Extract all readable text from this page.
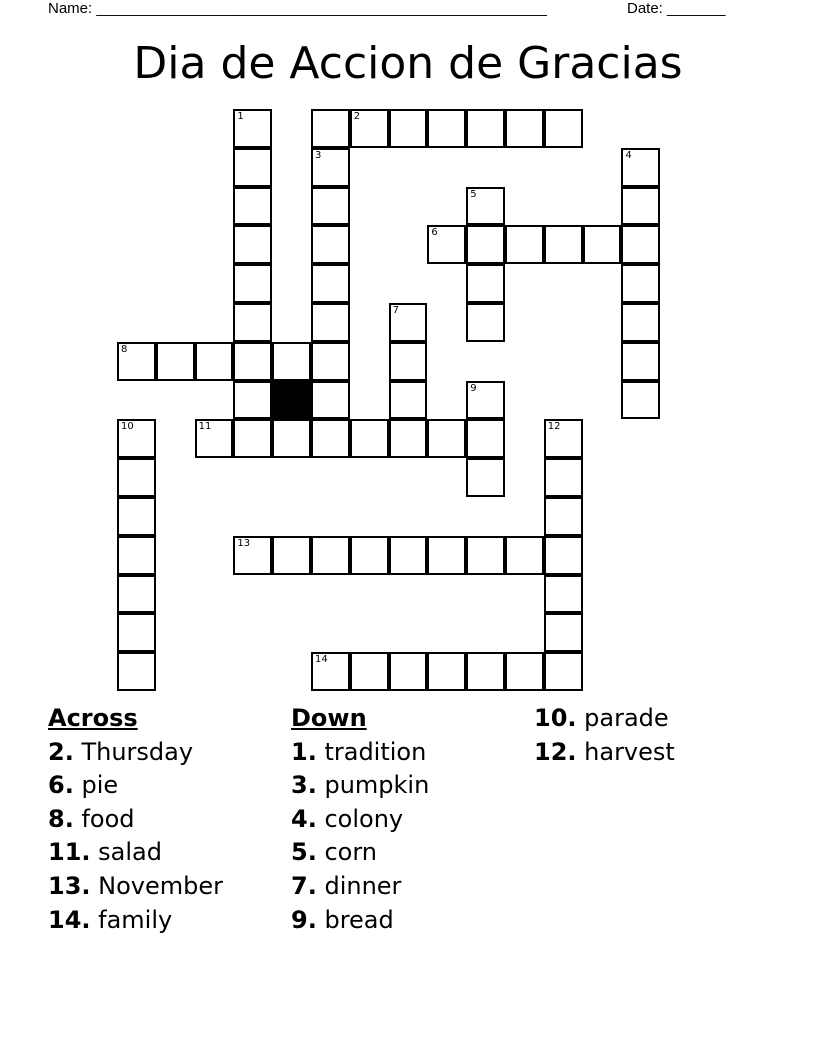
Name: ______________________________________________________	Date: _______
Dia de Accion de Gracias
1	2
3	4
5
6
7
8
9
10	11	12
13
14
Across
2. Thursday
6. pie
8. food
11. salad
13. November
14. family
Down
1. tradition
3. pumpkin
4. colony
5. corn
7. dinner
9. bread
10. parade
12. harvest
